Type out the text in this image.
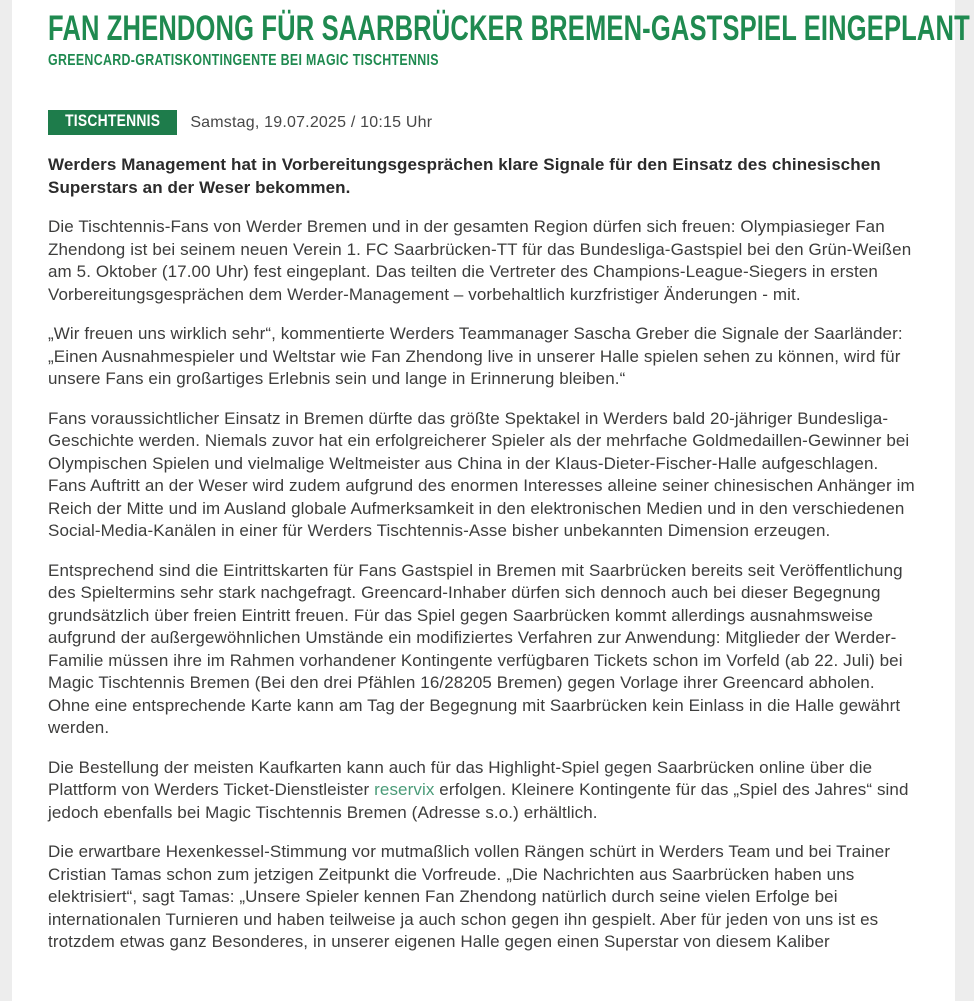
FAN ZHENDONG FÜR SAARBRÜCKER BREMEN-GASTSPIEL EINGEPLANT
GREENCARD-GRATISKONTINGENTE BEI MAGIC TISCHTENNIS
TISCHTENNIS	Samstag, 19.07.2025 / 10:15 Uhr

Werders Management hat in Vorbereitungsgesprächen klare Signale für den Einsatz des chinesischen Superstars an der Weser bekommen.

Die Tischtennis-Fans von Werder Bremen und in der gesamten Region dürfen sich freuen: Olympiasieger Fan Zhendong ist bei seinem neuen Verein 1. FC Saarbrücken-TT für das Bundesliga-Gastspiel bei den Grün-Weißen am 5. Oktober (17.00 Uhr) fest eingeplant. Das teilten die Vertreter des Champions-League-Siegers in ersten Vorbereitungsgesprächen dem Werder-Management – vorbehaltlich kurzfristiger Änderungen - mit.

„Wir freuen uns wirklich sehr“, kommentierte Werders Teammanager Sascha Greber die Signale der Saarländer: „Einen Ausnahmespieler und Weltstar wie Fan Zhendong live in unserer Halle spielen sehen zu können, wird für unsere Fans ein großartiges Erlebnis sein und lange in Erinnerung bleiben.“

Fans voraussichtlicher Einsatz in Bremen dürfte das größte Spektakel in Werders bald 20-jähriger Bundesliga-Geschichte werden. Niemals zuvor hat ein erfolgreicherer Spieler als der mehrfache Goldmedaillen-Gewinner bei Olympischen Spielen und vielmalige Weltmeister aus China in der Klaus-Dieter-Fischer-Halle aufgeschlagen. Fans Auftritt an der Weser wird zudem aufgrund des enormen Interesses alleine seiner chinesischen Anhänger im Reich der Mitte und im Ausland globale Aufmerksamkeit in den elektronischen Medien und in den verschiedenen Social-Media-Kanälen in einer für Werders Tischtennis-Asse bisher unbekannten Dimension erzeugen.

Entsprechend sind die Eintrittskarten für Fans Gastspiel in Bremen mit Saarbrücken bereits seit Veröffentlichung des Spieltermins sehr stark nachgefragt. Greencard-Inhaber dürfen sich dennoch auch bei dieser Begegnung grundsätzlich über freien Eintritt freuen. Für das Spiel gegen Saarbrücken kommt allerdings ausnahmsweise aufgrund der außergewöhnlichen Umstände ein modifiziertes Verfahren zur Anwendung: Mitglieder der Werder-Familie müssen ihre im Rahmen vorhandener Kontingente verfügbaren Tickets schon im Vorfeld (ab 22. Juli) bei Magic Tischtennis Bremen (Bei den drei Pfählen 16/28205 Bremen) gegen Vorlage ihrer Greencard abholen. Ohne eine entsprechende Karte kann am Tag der Begegnung mit Saarbrücken kein Einlass in die Halle gewährt werden.

Die Bestellung der meisten Kaufkarten kann auch für das Highlight-Spiel gegen Saarbrücken online über die Plattform von Werders Ticket-Dienstleister reservix erfolgen. Kleinere Kontingente für das „Spiel des Jahres“ sind jedoch ebenfalls bei Magic Tischtennis Bremen (Adresse s.o.) erhältlich.

Die erwartbare Hexenkessel-Stimmung vor mutmaßlich vollen Rängen schürt in Werders Team und bei Trainer Cristian Tamas schon zum jetzigen Zeitpunkt die Vorfreude. „Die Nachrichten aus Saarbrücken haben uns elektrisiert“, sagt Tamas: „Unsere Spieler kennen Fan Zhendong natürlich durch seine vielen Erfolge bei internationalen Turnieren und haben teilweise ja auch schon gegen ihn gespielt. Aber für jeden von uns ist es trotzdem etwas ganz Besonderes, in unserer eigenen Halle gegen einen Superstar von diesem Kaliber
